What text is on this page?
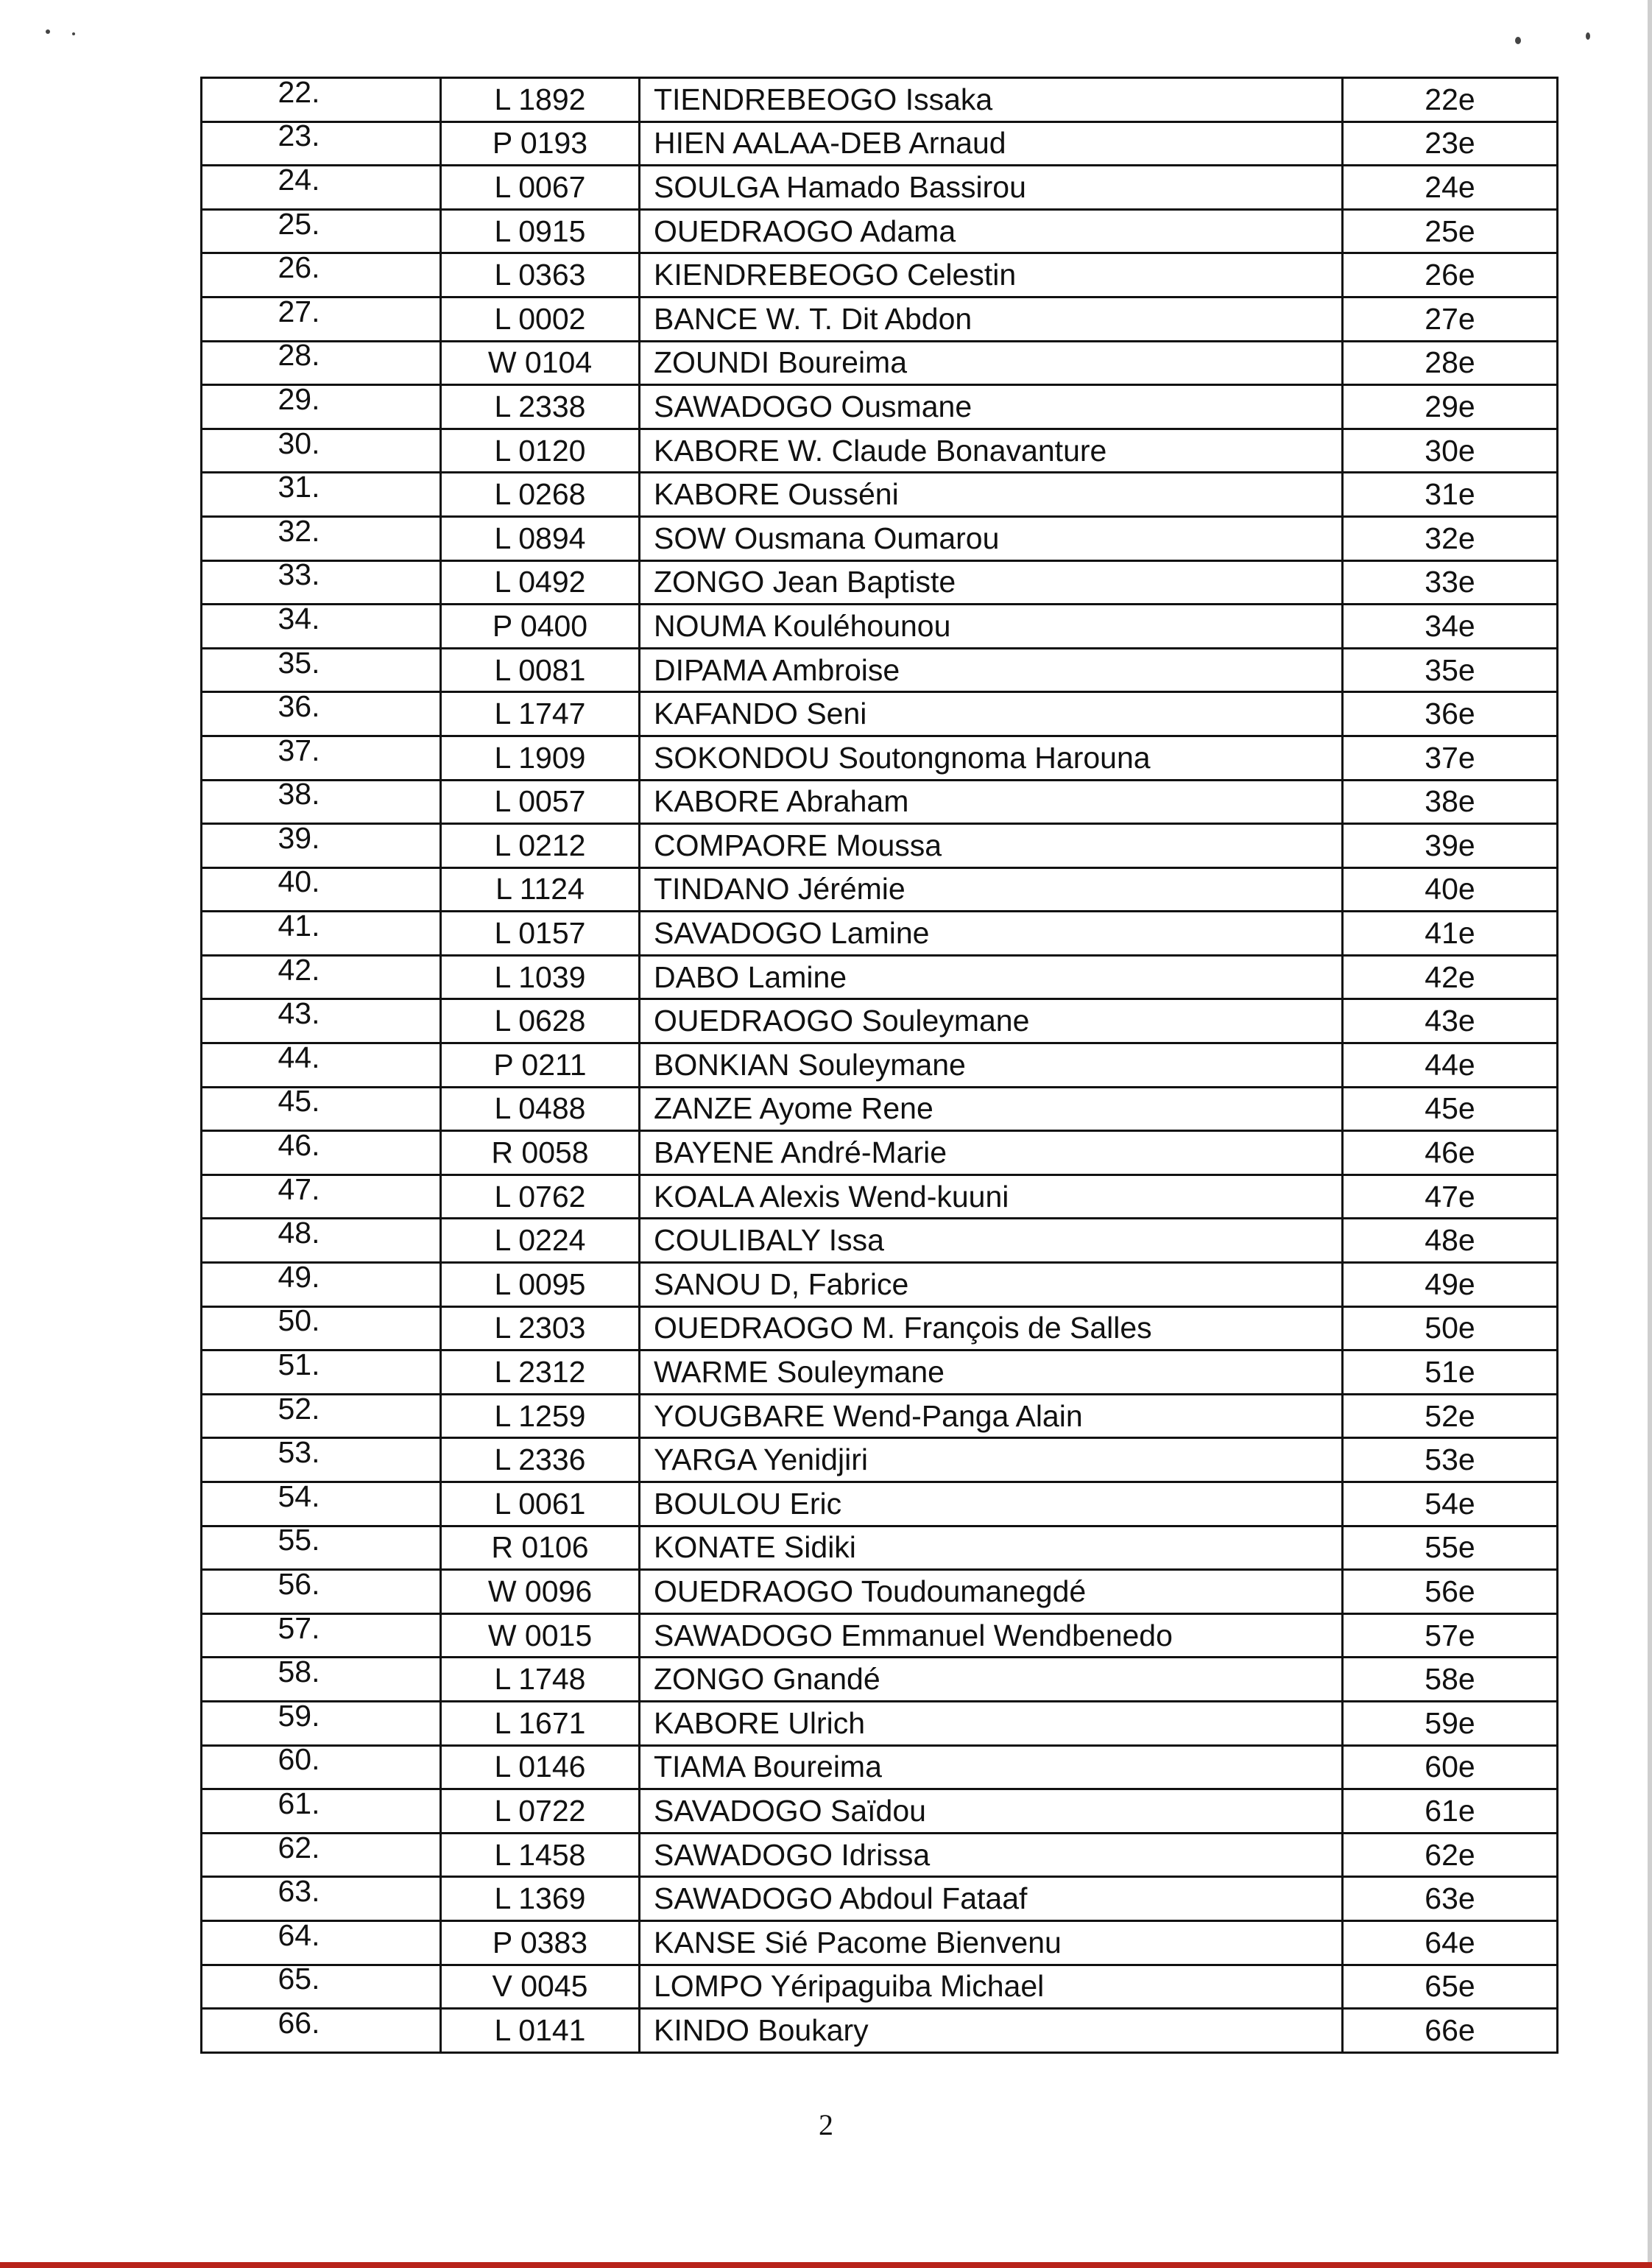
22.	L 1892	TIENDREBEOGO Issaka	22e
23.	P 0193	HIEN AALAA-DEB Arnaud	23e
24.	L 0067	SOULGA Hamado Bassirou	24e
25.	L 0915	OUEDRAOGO Adama	25e
26.	L 0363	KIENDREBEOGO Celestin	26e
27.	L 0002	BANCE W. T. Dit Abdon	27e
28.	W 0104	ZOUNDI Boureima	28e
29.	L 2338	SAWADOGO Ousmane	29e
30.	L 0120	KABORE W. Claude Bonavanture	30e
31.	L 0268	KABORE Ousséni	31e
32.	L 0894	SOW Ousmana Oumarou	32e
33.	L 0492	ZONGO Jean Baptiste	33e
34.	P 0400	NOUMA Kouléhounou	34e
35.	L 0081	DIPAMA Ambroise	35e
36.	L 1747	KAFANDO Seni	36e
37.	L 1909	SOKONDOU Soutongnoma Harouna	37e
38.	L 0057	KABORE Abraham	38e
39.	L 0212	COMPAORE Moussa	39e
40.	L 1124	TINDANO Jérémie	40e
41.	L 0157	SAVADOGO Lamine	41e
42.	L 1039	DABO Lamine	42e
43.	L 0628	OUEDRAOGO Souleymane	43e
44.	P 0211	BONKIAN Souleymane	44e
45.	L 0488	ZANZE Ayome Rene	45e
46.	R 0058	BAYENE André-Marie	46e
47.	L 0762	KOALA Alexis Wend-kuuni	47e
48.	L 0224	COULIBALY Issa	48e
49.	L 0095	SANOU D, Fabrice	49e
50.	L 2303	OUEDRAOGO M. François de Salles	50e
51.	L 2312	WARME Souleymane	51e
52.	L 1259	YOUGBARE Wend-Panga Alain	52e
53.	L 2336	YARGA Yenidjiri	53e
54.	L 0061	BOULOU Eric	54e
55.	R 0106	KONATE Sidiki	55e
56.	W 0096	OUEDRAOGO Toudoumanegdé	56e
57.	W 0015	SAWADOGO Emmanuel Wendbenedo	57e
58.	L 1748	ZONGO Gnandé	58e
59.	L 1671	KABORE Ulrich	59e
60.	L 0146	TIAMA Boureima	60e
61.	L 0722	SAVADOGO Saïdou	61e
62.	L 1458	SAWADOGO Idrissa	62e
63.	L 1369	SAWADOGO Abdoul Fataaf	63e
64.	P 0383	KANSE Sié Pacome Bienvenu	64e
65.	V 0045	LOMPO Yéripaguiba Michael	65e
66.	L 0141	KINDO Boukary	66e
2
